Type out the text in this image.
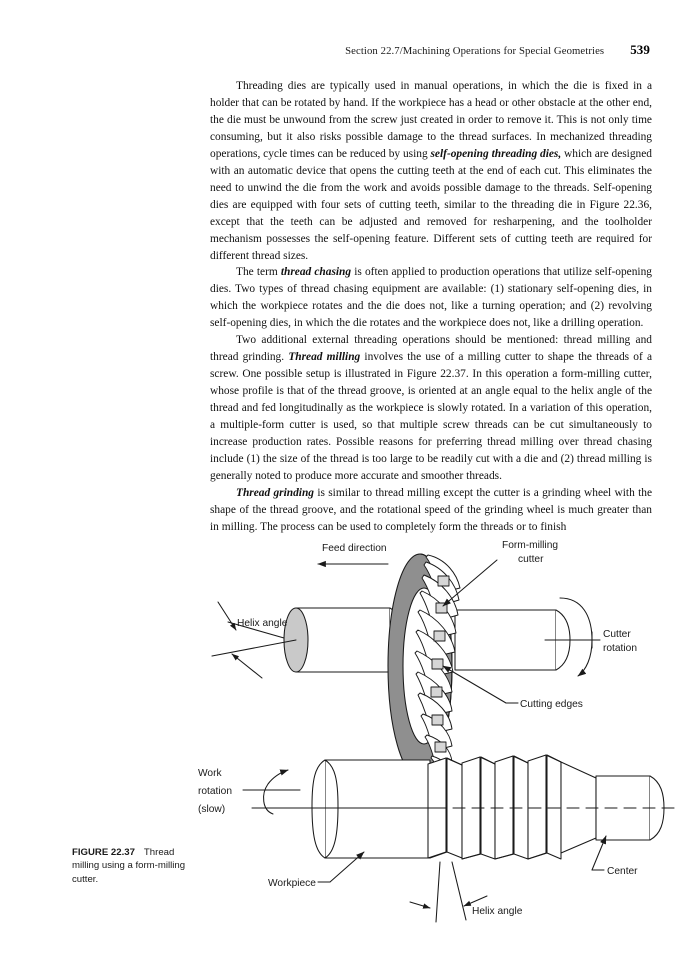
Section 22.7/Machining Operations for Special Geometries 539

Threading dies are typically used in manual operations, in which the die is fixed in a holder that can be rotated by hand. If the workpiece has a head or other obstacle at the other end, the die must be unwound from the screw just created in order to remove it. This is not only time consuming, but it also risks possible damage to the thread surfaces. In mechanized threading operations, cycle times can be reduced by using self-opening threading dies, which are designed with an automatic device that opens the cutting teeth at the end of each cut. This eliminates the need to unwind the die from the work and avoids possible damage to the threads. Self-opening dies are equipped with four sets of cutting teeth, similar to the threading die in Figure 22.36, except that the teeth can be adjusted and removed for resharpening, and the toolholder mechanism possesses the self-opening feature. Different sets of cutting teeth are required for different thread sizes.

The term thread chasing is often applied to production operations that utilize self-opening dies. Two types of thread chasing equipment are available: (1) stationary self-opening dies, in which the workpiece rotates and the die does not, like a turning operation; and (2) revolving self-opening dies, in which the die rotates and the workpiece does not, like a drilling operation.

Two additional external threading operations should be mentioned: thread milling and thread grinding. Thread milling involves the use of a milling cutter to shape the threads of a screw. One possible setup is illustrated in Figure 22.37. In this operation a form-milling cutter, whose profile is that of the thread groove, is oriented at an angle equal to the helix angle of the thread and fed longitudinally as the workpiece is slowly rotated. In a variation of this operation, a multiple-form cutter is used, so that multiple screw threads can be cut simultaneously to increase production rates. Possible reasons for preferring thread milling over thread chasing include (1) the size of the thread is too large to be readily cut with a die and (2) thread milling is generally noted to produce more accurate and smoother threads.

Thread grinding is similar to thread milling except the cutter is a grinding wheel with the shape of the thread groove, and the rotational speed of the grinding wheel is much greater than in milling. The process can be used to completely form the threads or to finish

Feed direction	Form-milling
cutter
Helix angle
Cutter
rotation
Cutting edges
Work
rotation
(slow)
Workpiece
Center
Helix angle
FIGURE 22.37 Thread milling using a form-milling cutter.
